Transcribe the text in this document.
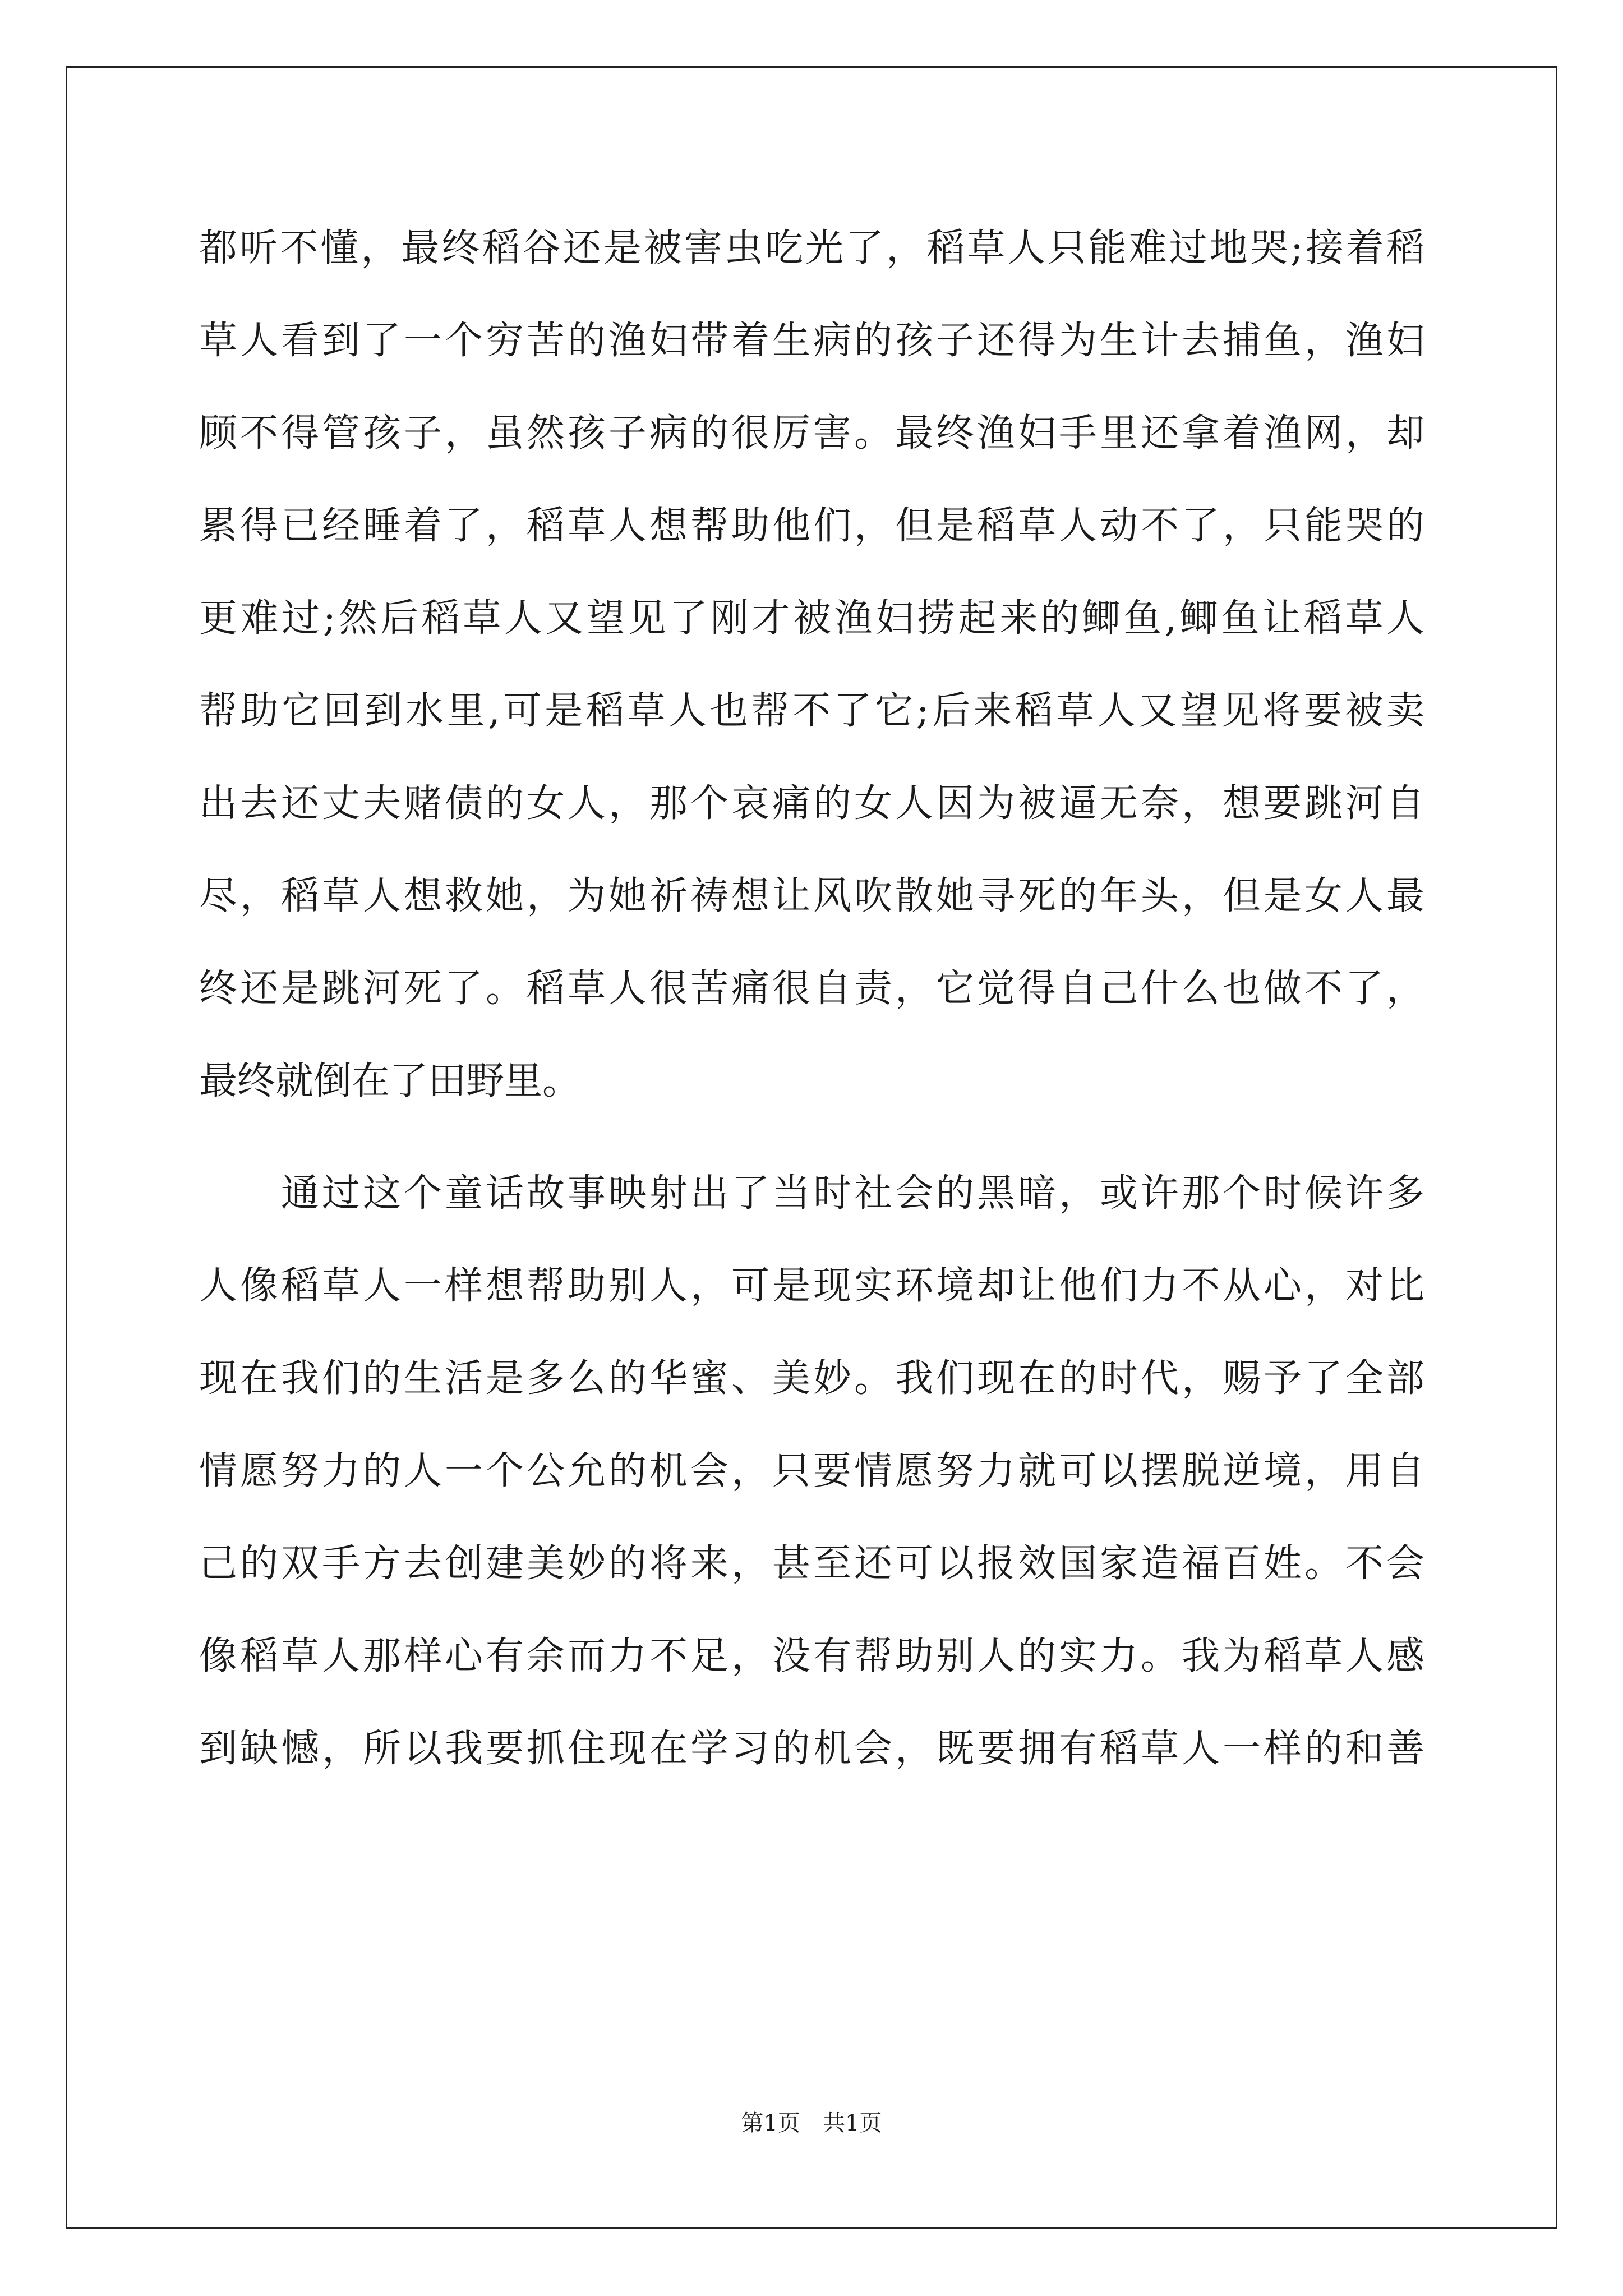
都听不懂，最终稻谷还是被害虫吃光了，稻草人只能难过地哭;接着稻
草人看到了一个穷苦的渔妇带着生病的孩子还得为生计去捕鱼，渔妇
顾不得管孩子，虽然孩子病的很厉害。最终渔妇手里还拿着渔网，却
累得已经睡着了，稻草人想帮助他们，但是稻草人动不了，只能哭的
更难过;然后稻草人又望见了刚才被渔妇捞起来的鲫鱼,鲫鱼让稻草人
帮助它回到水里,可是稻草人也帮不了它;后来稻草人又望见将要被卖
出去还丈夫赌债的女人，那个哀痛的女人因为被逼无奈，想要跳河自
尽，稻草人想救她，为她祈祷想让风吹散她寻死的年头，但是女人最
终还是跳河死了。稻草人很苦痛很自责，它觉得自己什么也做不了，
最终就倒在了田野里。
　　通过这个童话故事映射出了当时社会的黑暗，或许那个时候许多
人像稻草人一样想帮助别人，可是现实环境却让他们力不从心，对比
现在我们的生活是多么的华蜜、美妙。我们现在的时代，赐予了全部
情愿努力的人一个公允的机会，只要情愿努力就可以摆脱逆境，用自
己的双手方去创建美妙的将来，甚至还可以报效国家造福百姓。不会
像稻草人那样心有余而力不足，没有帮助别人的实力。我为稻草人感
到缺憾，所以我要抓住现在学习的机会，既要拥有稻草人一样的和善
第1页　共1页
